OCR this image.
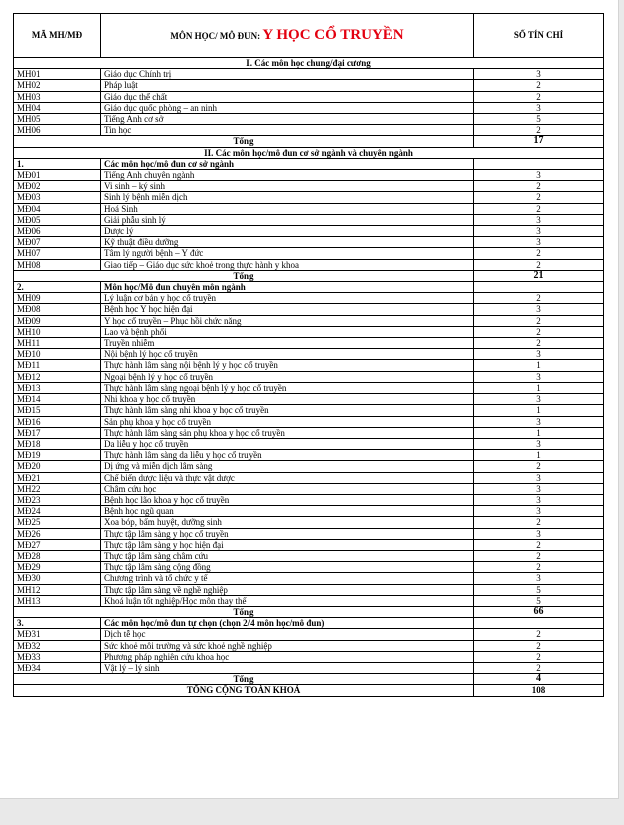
MÃ MH/MĐ	MÔN HỌC/ MÔ ĐUN: Y HỌC CỔ TRUYỀN	SỐ TÍN CHỈ
I. Các môn học chung/đại cương		
MH01	Giáo dục Chính trị	3
MH02	Pháp luật	2
MH03	Giáo dục thể chất	2
MH04	Giáo dục quốc phòng – an ninh	3
MH05	Tiếng Anh cơ sở	5
MH06	Tin học	2
Tổng		17
II. Các môn học/mô đun cơ sở ngành và chuyên ngành		
1.	Các môn học/mô đun cơ sở ngành	
MĐ01	Tiếng Anh chuyên ngành	3
MĐ02	Vi sinh – ký sinh	2
MĐ03	Sinh lý bệnh miễn dịch	2
MĐ04	Hoá Sinh	2
MĐ05	Giải phẫu sinh lý	3
MĐ06	Dược lý	3
MĐ07	Kỹ thuật điều dưỡng	3
MH07	Tâm lý người bệnh – Y đức	2
MH08	Giao tiếp – Giáo dục sức khoẻ trong thực hành y khoa	2
Tổng		21
2.	Môn học/Mô đun chuyên môn ngành	
MH09	Lý luận cơ bản y học cổ truyền	2
MĐ08	Bệnh học Y học hiện đại	3
MĐ09	Y học cổ truyền – Phục hồi chức năng	2
MH10	Lao và bệnh phổi	2
MH11	Truyền nhiễm	2
MĐ10	Nội bệnh lý học cổ truyền	3
MĐ11	Thực hành lâm sàng nội bệnh lý y học cổ truyền	1
MĐ12	Ngoại bệnh lý y học cổ truyền	3
MĐ13	Thực hành lâm sàng ngoại bệnh lý y học cổ truyền	1
MĐ14	Nhi khoa y học cổ truyền	3
MĐ15	Thực hành lâm sàng nhi khoa y học cổ truyền	1
MĐ16	Sản phụ khoa y học cổ truyền	3
MĐ17	Thực hành lâm sàng sản phụ khoa y học cổ truyền	1
MĐ18	Da liễu y học cổ truyền	3
MĐ19	Thực hành lâm sàng da liễu y học cổ truyền	1
MĐ20	Dị ứng và miễn dịch lâm sàng	2
MĐ21	Chế biến dược liệu và thực vật dược	3
MH22	Châm cứu học	3
MĐ23	Bệnh học lão khoa y học cổ truyền	3
MĐ24	Bệnh học ngũ quan	3
MĐ25	Xoa bóp, bấm huyệt, dưỡng sinh	2
MĐ26	Thực tập lâm sàng y học cổ truyền	3
MĐ27	Thực tập lâm sàng y học hiện đại	2
MĐ28	Thực tập lâm sàng châm cứu	2
MĐ29	Thực tập lâm sàng cộng đồng	2
MĐ30	Chương trình và tổ chức y tế	3
MH12	Thực tập lâm sàng về nghề nghiệp	5
MH13	Khoá luận tốt nghiệp/Học môn thay thế	5
Tổng		66
3.	Các môn học/mô đun tự chọn (chọn 2/4 môn học/mô đun)	
MĐ31	Dịch tễ học	2
MĐ32	Sức khoẻ môi trường và sức khoẻ nghề nghiệp	2
MĐ33	Phương pháp nghiên cứu khoa học	2
MĐ34	Vật lý – lý sinh	2
Tổng		4
TỔNG CỘNG TOÀN KHOÁ		108
